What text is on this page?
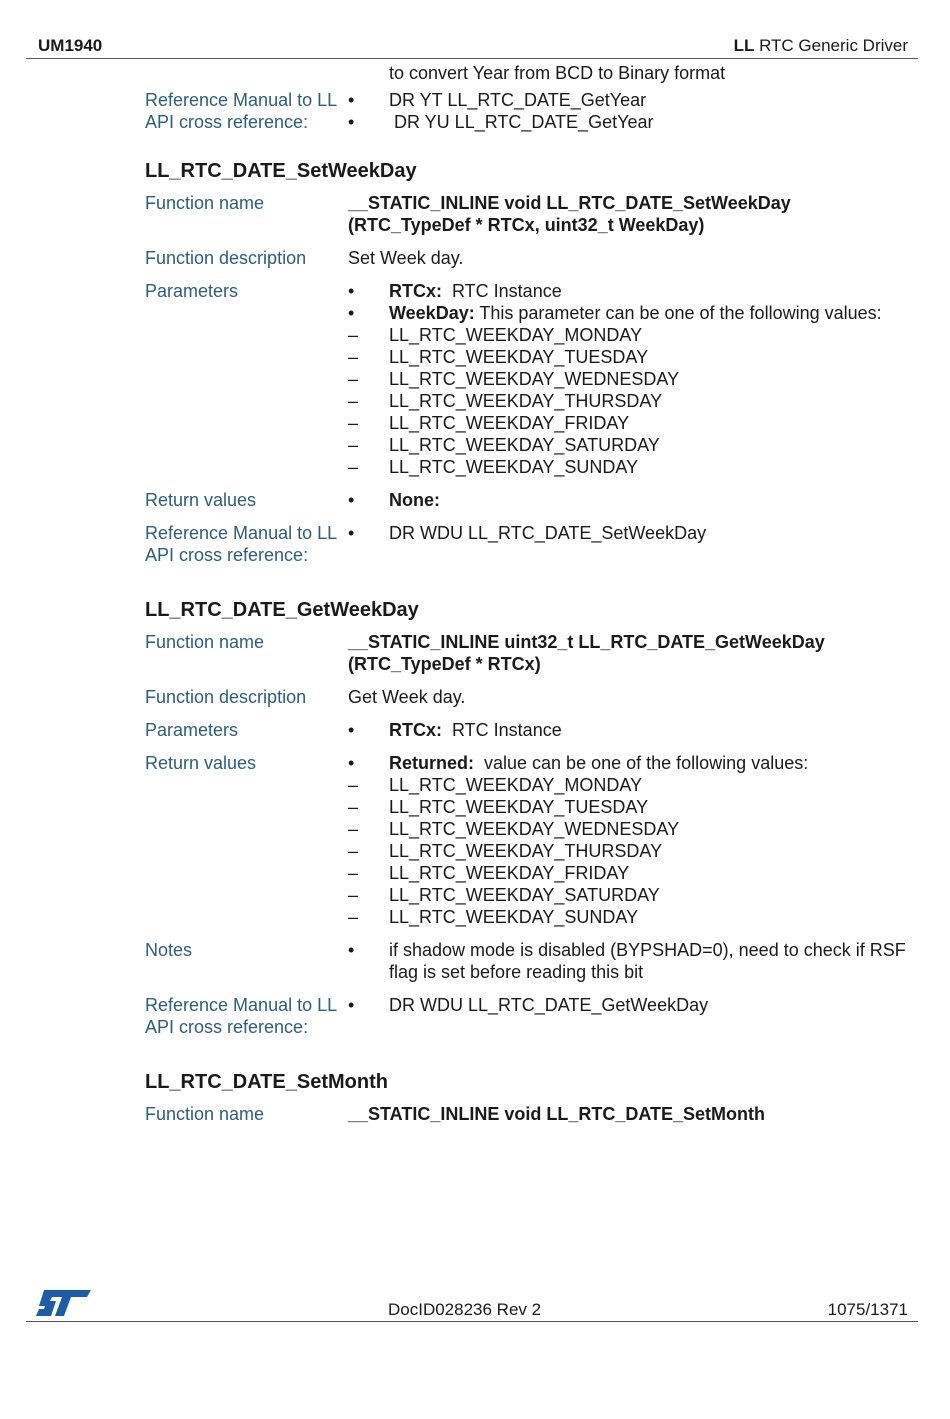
UM1940	LL RTC Generic Driver
to convert Year from BCD to Binary format
Reference Manual to LL API cross reference:
• DR YT LL_RTC_DATE_GetYear
•  DR YU LL_RTC_DATE_GetYear
LL_RTC_DATE_SetWeekDay
Function name	__STATIC_INLINE void LL_RTC_DATE_SetWeekDay (RTC_TypeDef * RTCx, uint32_t WeekDay)
Function description	Set Week day.
Parameters	• RTCx:  RTC Instance
• WeekDay: This parameter can be one of the following values:
– LL_RTC_WEEKDAY_MONDAY
– LL_RTC_WEEKDAY_TUESDAY
– LL_RTC_WEEKDAY_WEDNESDAY
– LL_RTC_WEEKDAY_THURSDAY
– LL_RTC_WEEKDAY_FRIDAY
– LL_RTC_WEEKDAY_SATURDAY
– LL_RTC_WEEKDAY_SUNDAY
Return values	• None:
Reference Manual to LL API cross reference:
• DR WDU LL_RTC_DATE_SetWeekDay
LL_RTC_DATE_GetWeekDay
Function name	__STATIC_INLINE uint32_t LL_RTC_DATE_GetWeekDay (RTC_TypeDef * RTCx)
Function description	Get Week day.
Parameters	• RTCx:  RTC Instance
Return values	• Returned:  value can be one of the following values:
– LL_RTC_WEEKDAY_MONDAY
– LL_RTC_WEEKDAY_TUESDAY
– LL_RTC_WEEKDAY_WEDNESDAY
– LL_RTC_WEEKDAY_THURSDAY
– LL_RTC_WEEKDAY_FRIDAY
– LL_RTC_WEEKDAY_SATURDAY
– LL_RTC_WEEKDAY_SUNDAY
Notes	• if shadow mode is disabled (BYPSHAD=0), need to check if RSF flag is set before reading this bit
Reference Manual to LL API cross reference:
• DR WDU LL_RTC_DATE_GetWeekDay
LL_RTC_DATE_SetMonth
Function name	__STATIC_INLINE void LL_RTC_DATE_SetMonth
DocID028236 Rev 2	1075/1371
